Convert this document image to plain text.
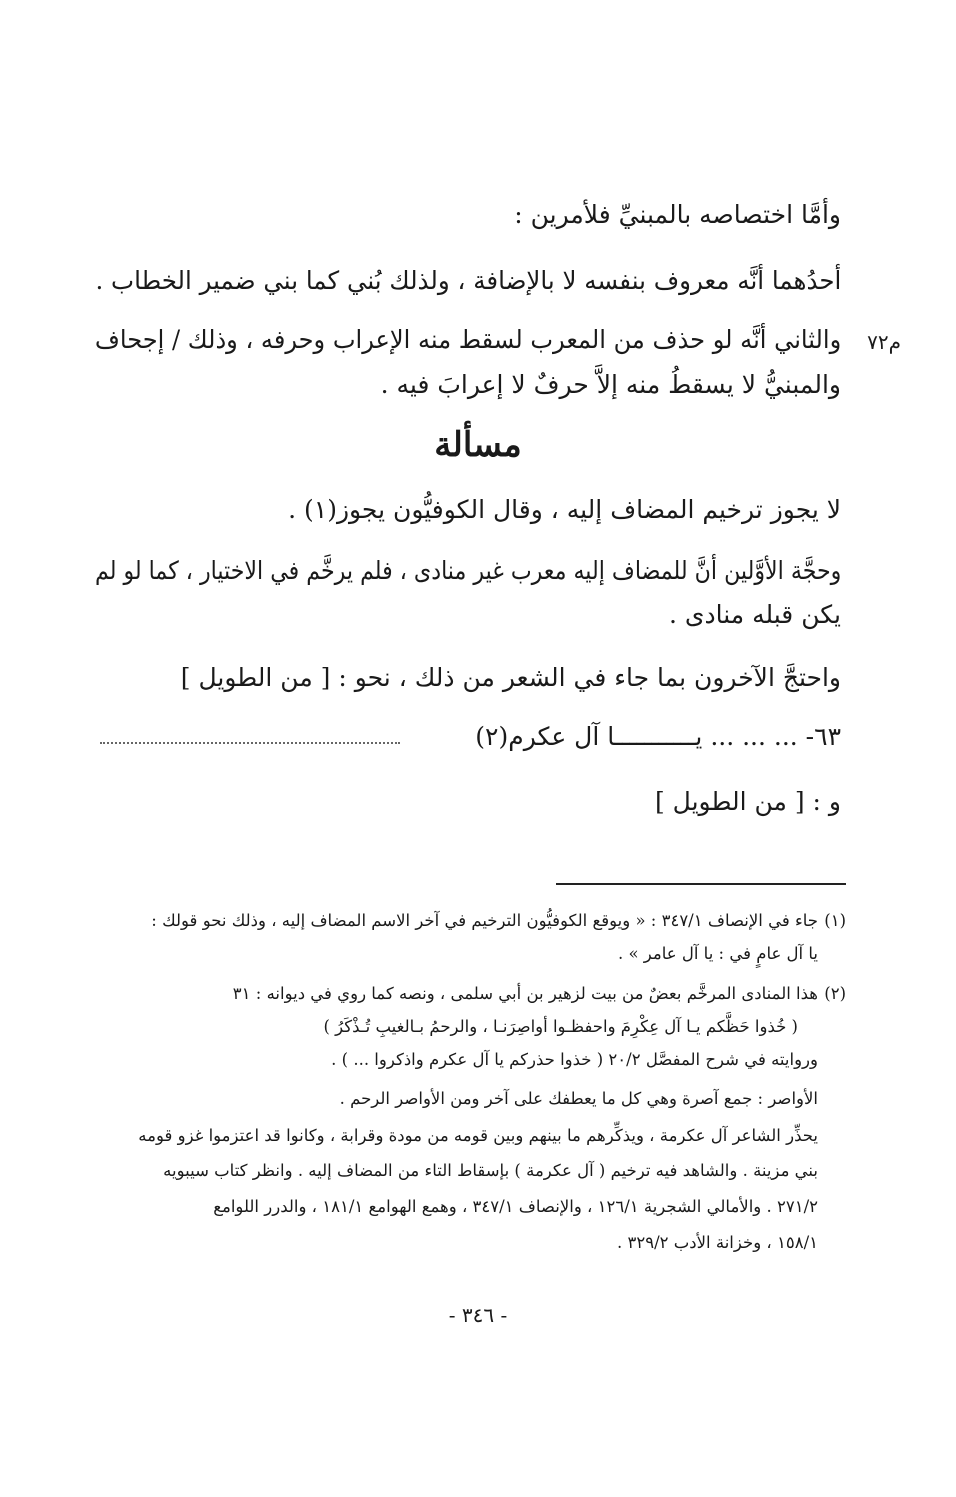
م٧٢
وأمَّا اختصاصه بالمبنيِّ فلأمرين :
أحدُهما أنَّه معروف بنفسه لا بالإضافة ، ولذلك بُني كما بني ضمير الخطاب .
والثاني أنَّه لو حذف من المعرب لسقط منه الإعراب وحرفه ، وذلك / إجحاف
والمبنيُّ لا يسقطُ منه إلاَّ حرفٌ لا إعرابَ فيه .
مسألة
لا يجوز ترخيم المضاف إليه ، وقال الكوفيُّون يجوز(١) .
وحجَّة الأوَّلين أنَّ للمضاف إليه معرب غير منادى ، فلم يرخَّم في الاختيار ، كما لو لم
يكن قبله منادى .
واحتجَّ الآخرون بما جاء في الشعر من ذلك ، نحو : [ من الطويل ]
٦٣- ... ... ... يـــــــــــا آل عكرم(٢)
و : [ من الطويل ]
(١)
جاء في الإنصاف ٣٤٧/١ : « ويوقع الكوفيُّون الترخيم في آخر الاسم المضاف إليه ، وذلك نحو قولك :
يا آل عامٍ في : يا آل عامر » .
(٢)
هذا المنادى المرخَّم بعضٌ من بيت لزهير بن أبي سلمى ، ونصه كما روي في ديوانه : ٣١
( خُذوا حَظَّكم يـا آل عِكْرِمَ واحفظـوا أواصِرَنـا ، والرحمُ بـالغيبِ تُـذْكَرُ )
وروايته في شرح المفصَّل ٢٠/٢ ( خذوا حذركم يا آل عكرم واذكروا ... ) .
الأواصر : جمع آصرة وهي كل ما يعطفك على آخر ومن الأواصر الرحم .
يحذِّر الشاعر آل عكرمة ، ويذكِّرهم ما بينهم وبين قومه من مودة وقرابة ، وكانوا قد اعتزموا غزو قومه
بني مزينة . والشاهد فيه ترخيم ( آل عكرمة ) بإسقاط التاء من المضاف إليه . وانظر كتاب سيبويه
٢٧١/٢ . والأمالي الشجرية ١٢٦/١ ، والإنصاف ٣٤٧/١ ، وهمع الهوامع ١٨١/١ ، والدرر اللوامع
١٥٨/١ ، وخزانة الأدب ٣٢٩/٢ .
- ٣٤٦ -
